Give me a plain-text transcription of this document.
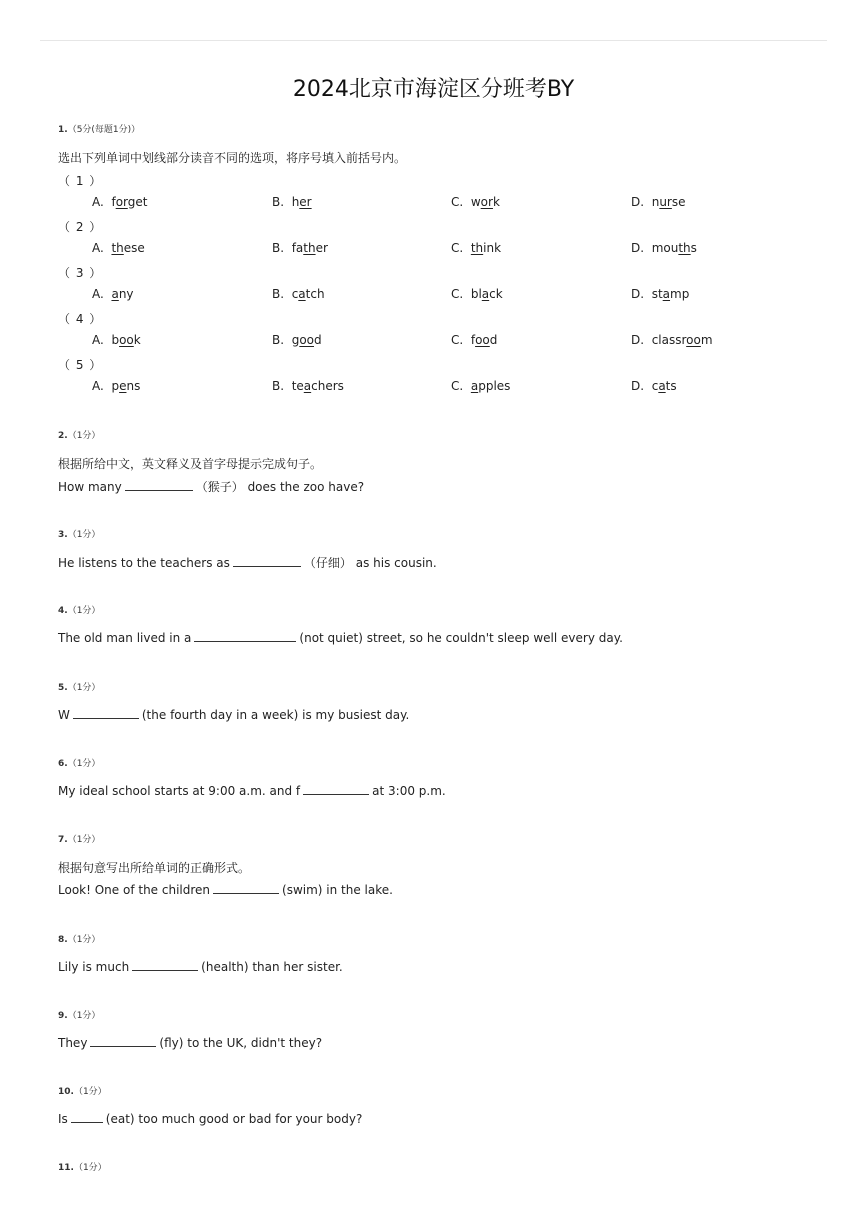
2024北京市海淀区分班考BY
1.（5分(每题1分)）
选出下列单词中划线部分读音不同的选项，将序号填入前括号内。
（ 1 ）
A. forget	B. her	C. work	D. nurse
（ 2 ）
A. these	B. father	C. think	D. mouths
（ 3 ）
A. any	B. catch	C. black	D. stamp
（ 4 ）
A. book	B. good	C. food	D. classroom
（ 5 ）
A. pens	B. teachers	C. apples	D. cats
2.（1分）
根据所给中文，英文释义及首字母提示完成句子。
How many	（猴子） does the zoo have?
3.（1分）
He listens to the teachers as	（仔细） as his cousin.
4.（1分）
The old man lived in a	(not quiet) street, so he couldn't sleep well every day.
5.（1分）
W	(the fourth day in a week) is my busiest day.
6.（1分）
My ideal school starts at 9:00 a.m. and f	at 3:00 p.m.
7.（1分）
根据句意写出所给单词的正确形式。
Look! One of the children	(swim) in the lake.
8.（1分）
Lily is much	(health) than her sister.
9.（1分）
They	(fly) to the UK, didn't they?
10.（1分）
Is	(eat) too much good or bad for your body?
11.（1分）
